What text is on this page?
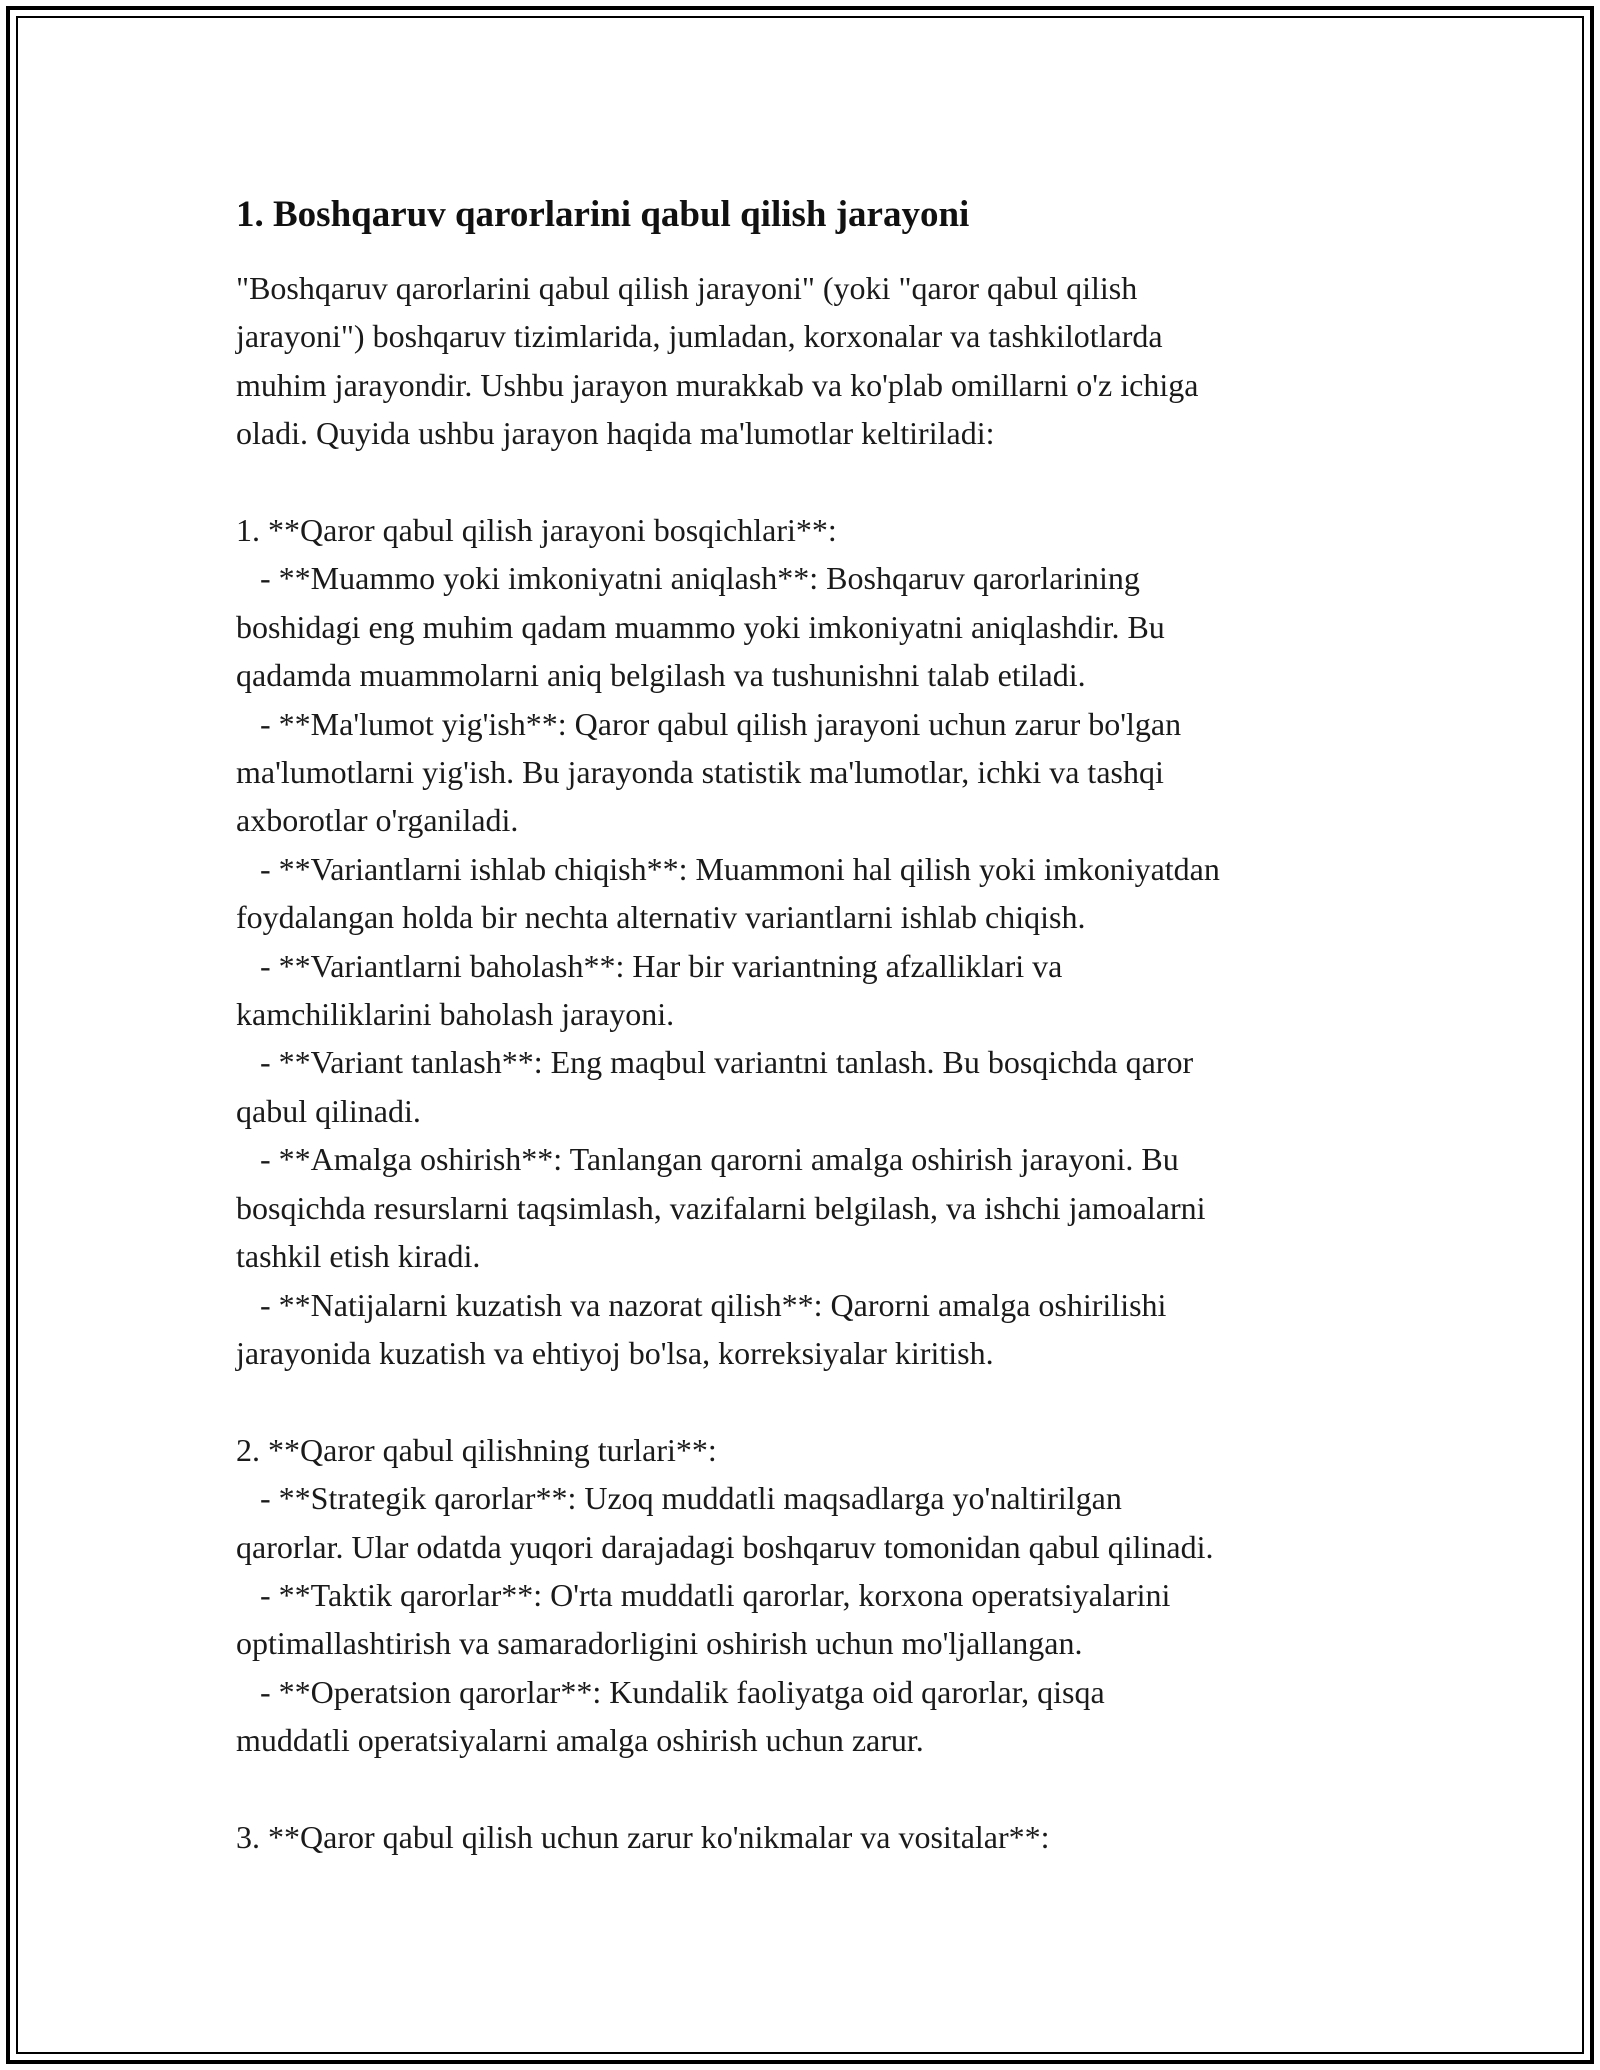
1. Boshqaruv qarorlarini qabul qilish jarayoni
"Boshqaruv qarorlarini qabul qilish jarayoni" (yoki "qaror qabul qilish
jarayoni") boshqaruv tizimlarida, jumladan, korxonalar va tashkilotlarda
muhim jarayondir. Ushbu jarayon murakkab va ko'plab omillarni o'z ichiga
oladi. Quyida ushbu jarayon haqida ma'lumotlar keltiriladi:
1. **Qaror qabul qilish jarayoni bosqichlari**:
- **Muammo yoki imkoniyatni aniqlash**: Boshqaruv qarorlarining
boshidagi eng muhim qadam muammo yoki imkoniyatni aniqlashdir. Bu
qadamda muammolarni aniq belgilash va tushunishni talab etiladi.
- **Ma'lumot yig'ish**: Qaror qabul qilish jarayoni uchun zarur bo'lgan
ma'lumotlarni yig'ish. Bu jarayonda statistik ma'lumotlar, ichki va tashqi
axborotlar o'rganiladi.
- **Variantlarni ishlab chiqish**: Muammoni hal qilish yoki imkoniyatdan
foydalangan holda bir nechta alternativ variantlarni ishlab chiqish.
- **Variantlarni baholash**: Har bir variantning afzalliklari va
kamchiliklarini baholash jarayoni.
- **Variant tanlash**: Eng maqbul variantni tanlash. Bu bosqichda qaror
qabul qilinadi.
- **Amalga oshirish**: Tanlangan qarorni amalga oshirish jarayoni. Bu
bosqichda resurslarni taqsimlash, vazifalarni belgilash, va ishchi jamoalarni
tashkil etish kiradi.
- **Natijalarni kuzatish va nazorat qilish**: Qarorni amalga oshirilishi
jarayonida kuzatish va ehtiyoj bo'lsa, korreksiyalar kiritish.
2. **Qaror qabul qilishning turlari**:
- **Strategik qarorlar**: Uzoq muddatli maqsadlarga yo'naltirilgan
qarorlar. Ular odatda yuqori darajadagi boshqaruv tomonidan qabul qilinadi.
- **Taktik qarorlar**: O'rta muddatli qarorlar, korxona operatsiyalarini
optimallashtirish va samaradorligini oshirish uchun mo'ljallangan.
- **Operatsion qarorlar**: Kundalik faoliyatga oid qarorlar, qisqa
muddatli operatsiyalarni amalga oshirish uchun zarur.
3. **Qaror qabul qilish uchun zarur ko'nikmalar va vositalar**:
